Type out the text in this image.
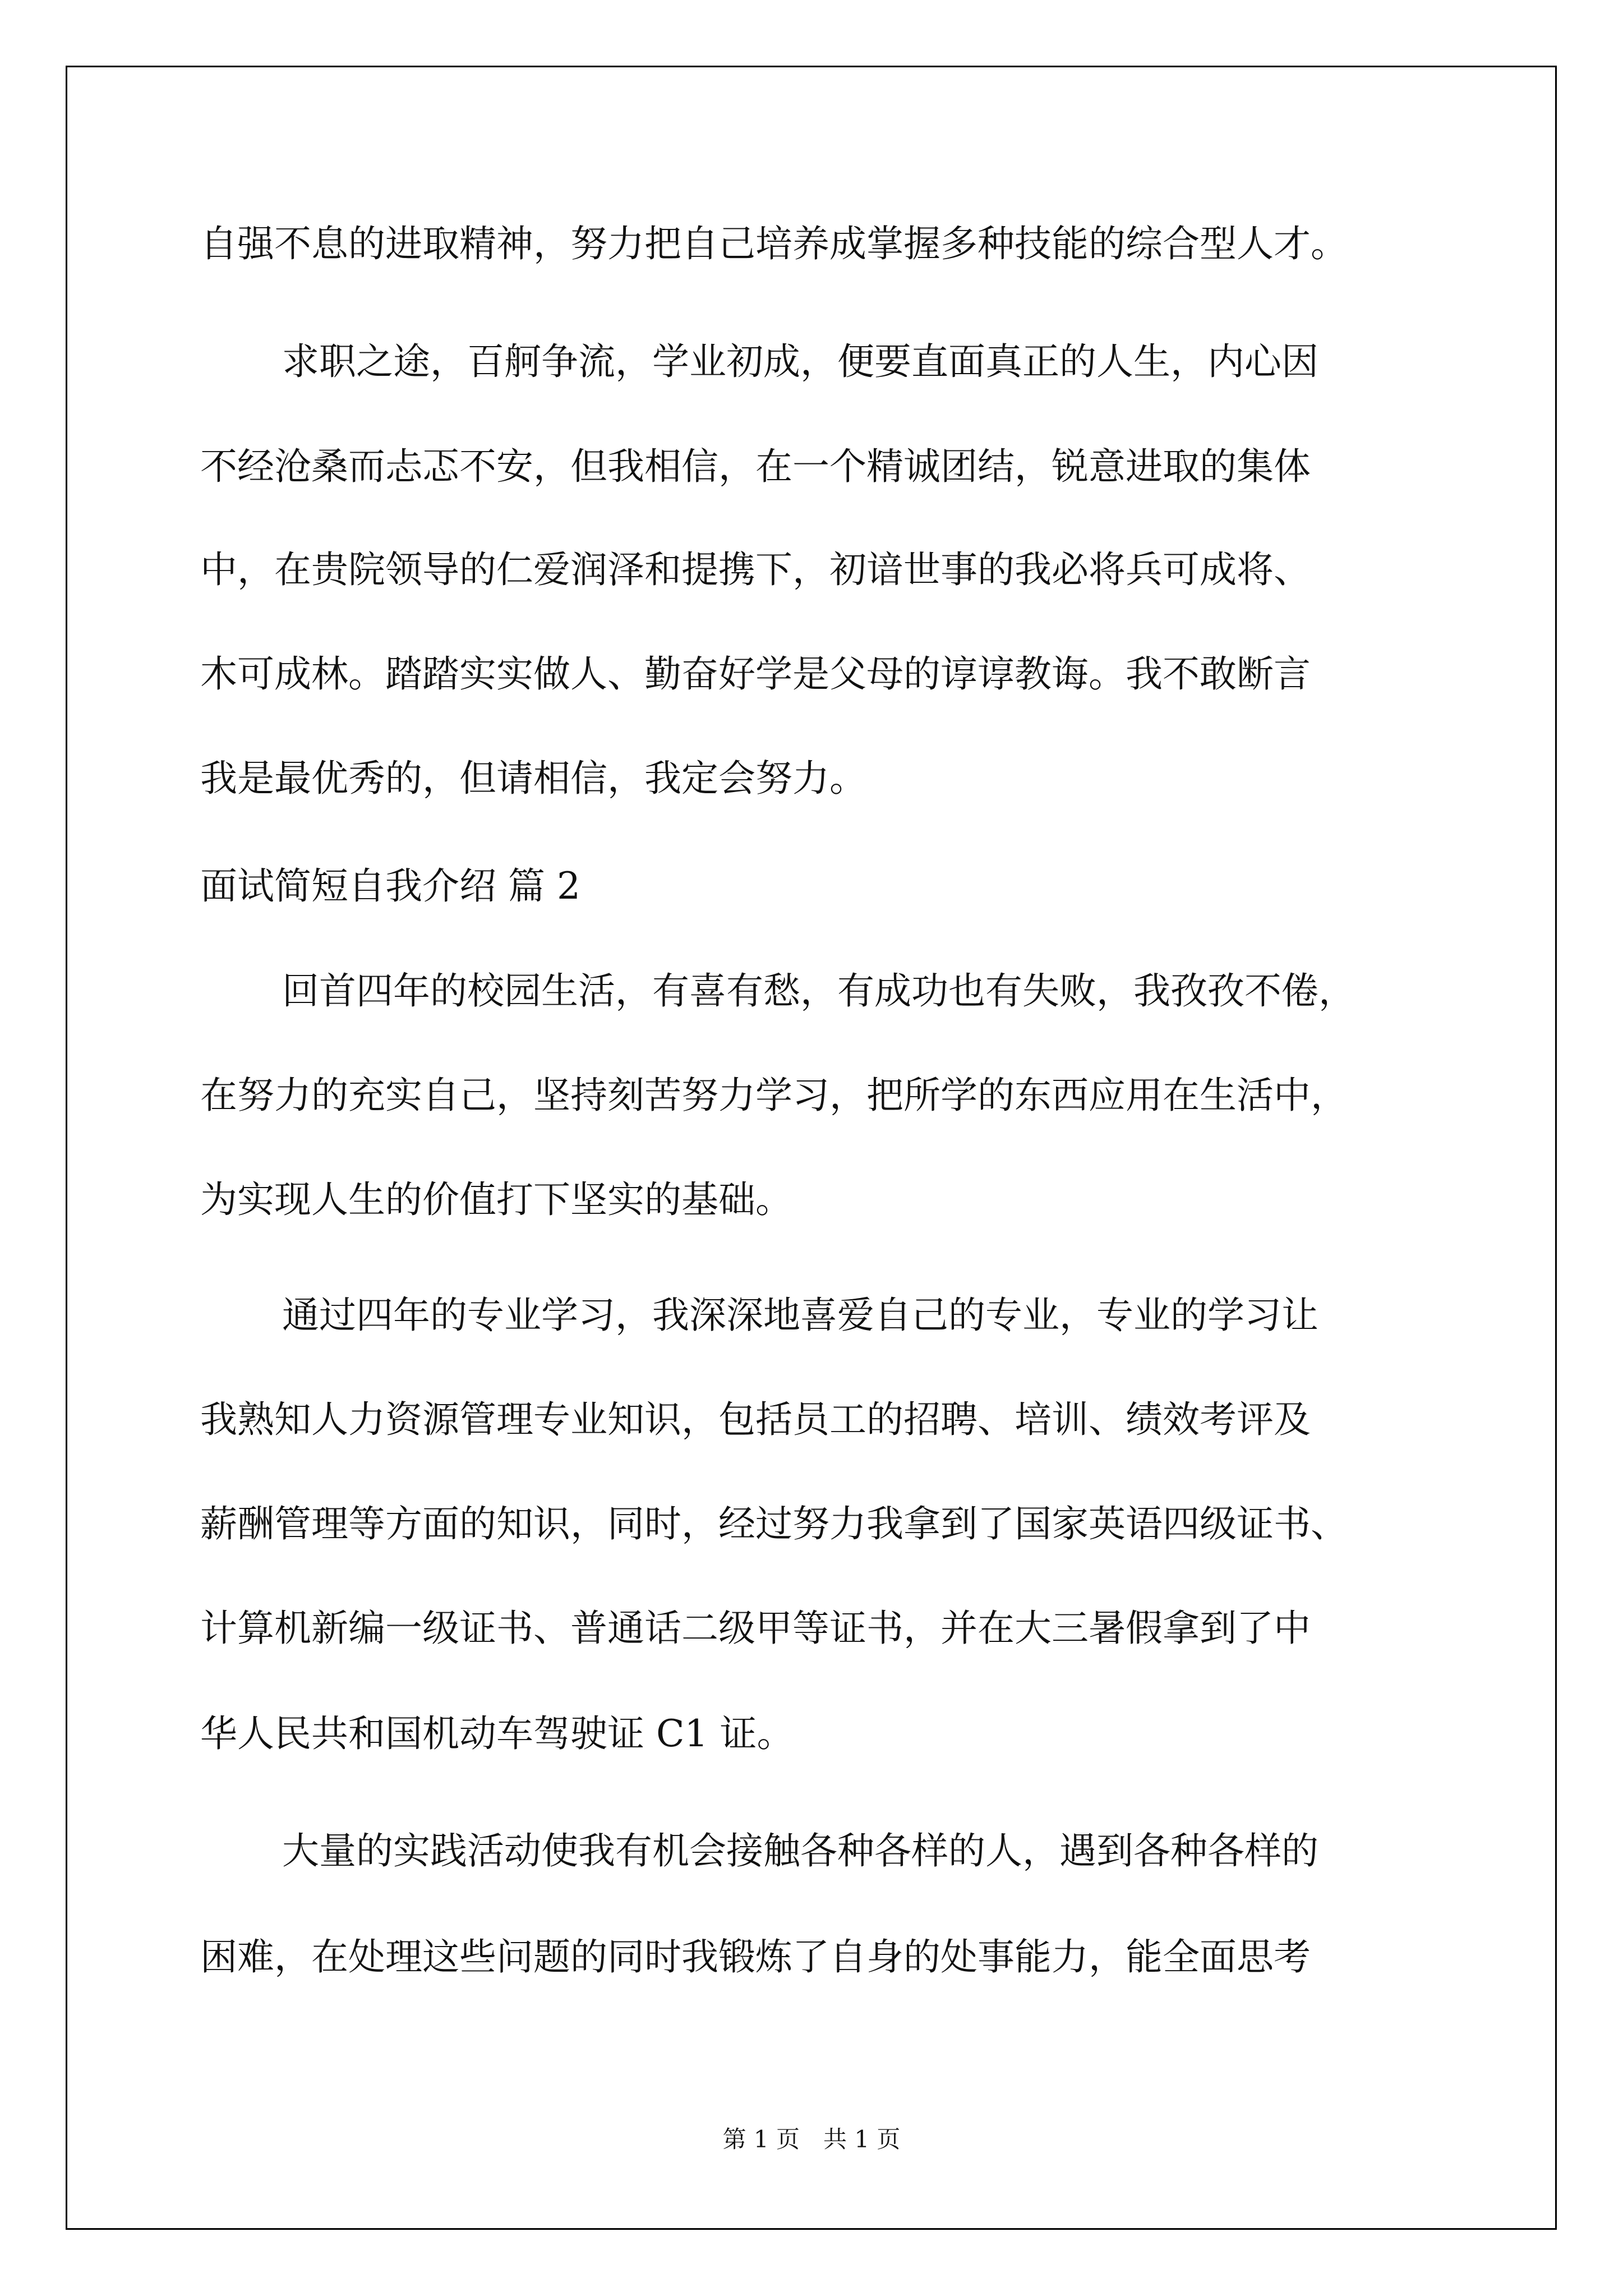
自强不息的进取精神，努力把自己培养成掌握多种技能的综合型人才。

求职之途，百舸争流，学业初成，便要直面真正的人生，内心因

不经沧桑而忐忑不安，但我相信，在一个精诚团结，锐意进取的集体

中，在贵院领导的仁爱润泽和提携下，初谙世事的我必将兵可成将、

木可成林。踏踏实实做人、勤奋好学是父母的谆谆教诲。我不敢断言

我是最优秀的，但请相信，我定会努力。

面试简短自我介绍 篇 2

回首四年的校园生活，有喜有愁，有成功也有失败，我孜孜不倦，

在努力的充实自己，坚持刻苦努力学习，把所学的东西应用在生活中，

为实现人生的价值打下坚实的基础。

通过四年的专业学习，我深深地喜爱自己的专业，专业的学习让

我熟知人力资源管理专业知识，包括员工的招聘、培训、绩效考评及

薪酬管理等方面的知识，同时，经过努力我拿到了国家英语四级证书、

计算机新编一级证书、普通话二级甲等证书，并在大三暑假拿到了中

华人民共和国机动车驾驶证 C1 证。

大量的实践活动使我有机会接触各种各样的人，遇到各种各样的

困难，在处理这些问题的同时我锻炼了自身的处事能力，能全面思考

第 1 页　共 1 页
